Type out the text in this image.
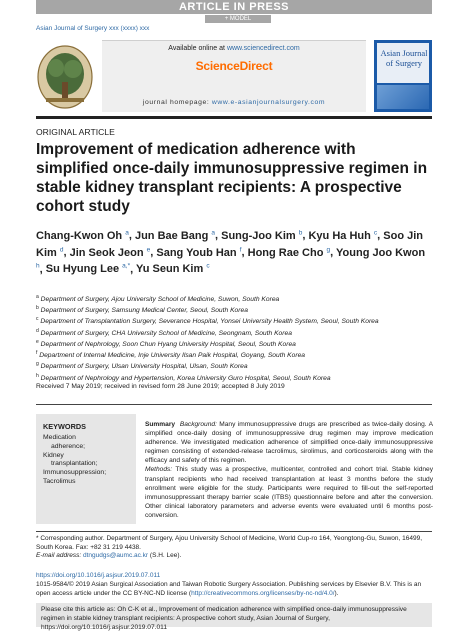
ARTICLE IN PRESS
+ MODEL
Asian Journal of Surgery xxx (xxxx) xxx
Available online at www.sciencedirect.com
ScienceDirect
journal homepage: www.e-asianjournalsurgery.com
Asian Journal of Surgery
ORIGINAL ARTICLE
Improvement of medication adherence with simplified once-daily immunosuppressive regimen in stable kidney transplant recipients: A prospective cohort study
Chang-Kwon Oh $^a$, Jun Bae Bang $^a$, Sung-Joo Kim $^b$, Kyu Ha Huh $^c$, Soo Jin Kim $^d$, Jin Seok Jeon $^e$, Sang Youb Han $^f$, Hong Rae Cho $^g$, Young Joo Kwon $^h$, Su Hyung Lee $^{a,*}$, Yu Seun Kim $^c$
$^a$ Department of Surgery, Ajou University School of Medicine, Suwon, South Korea
$^b$ Department of Surgery, Samsung Medical Center, Seoul, South Korea
$^c$ Department of Transplantation Surgery, Severance Hospital, Yonsei University Health System, Seoul, South Korea
$^d$ Department of Surgery, CHA University School of Medicine, Seongnam, South Korea
$^e$ Department of Nephrology, Soon Chun Hyang University Hospital, Seoul, South Korea
$^f$ Department of Internal Medicine, Inje University Ilsan Paik Hospital, Goyang, South Korea
$^g$ Department of Surgery, Ulsan University Hospital, Ulsan, South Korea
$^h$ Department of Nephrology and Hypertension, Korea University Guro Hospital, Seoul, South Korea
Received 7 May 2019; received in revised form 28 June 2019; accepted 8 July 2019
KEYWORDS
Medication
adherence;
Kidney
transplantation;
Immunosuppression;
Tacrolimus
Summary Background: Many immunosuppressive drugs are prescribed as twice-daily dosing. A simplified once-daily dosing of immunosuppressive drug regimen may improve medication adherence. We investigated medication adherence of simplified once-daily immunosuppressive regimen consisting of extended-release tacrolimus, sirolimus, and corticosteroids along with the efficacy and safety of this regimen.
Methods: This study was a prospective, multicenter, controlled and cohort trial. Stable kidney transplant recipients who had received transplantation at least 3 months before the study enrollment were eligible for the study. Participants were required to fill-out the self-reported immunosuppressant therapy barrier scale (ITBS) questionnaire before and after the conversion. Other clinical laboratory parameters and adverse events were evaluated until 6 months post-conversion.
* Corresponding author. Department of Surgery, Ajou University School of Medicine, World Cup-ro 164, Yeongtong-Gu, Suwon, 16499, South Korea. Fax: +82 31 219 4438.
E-mail address: dtngudgs@aumc.ac.kr (S.H. Lee).
https://doi.org/10.1016/j.asjsur.2019.07.011
1015-9584/© 2019 Asian Surgical Association and Taiwan Robotic Surgery Association. Publishing services by Elsevier B.V. This is an open access article under the CC BY-NC-ND license (http://creativecommons.org/licenses/by-nc-nd/4.0/).
Please cite this article as: Oh C-K et al., Improvement of medication adherence with simplified once-daily immunosuppressive regimen in stable kidney transplant recipients: A prospective cohort study, Asian Journal of Surgery, https://doi.org/10.1016/j.asjsur.2019.07.011
